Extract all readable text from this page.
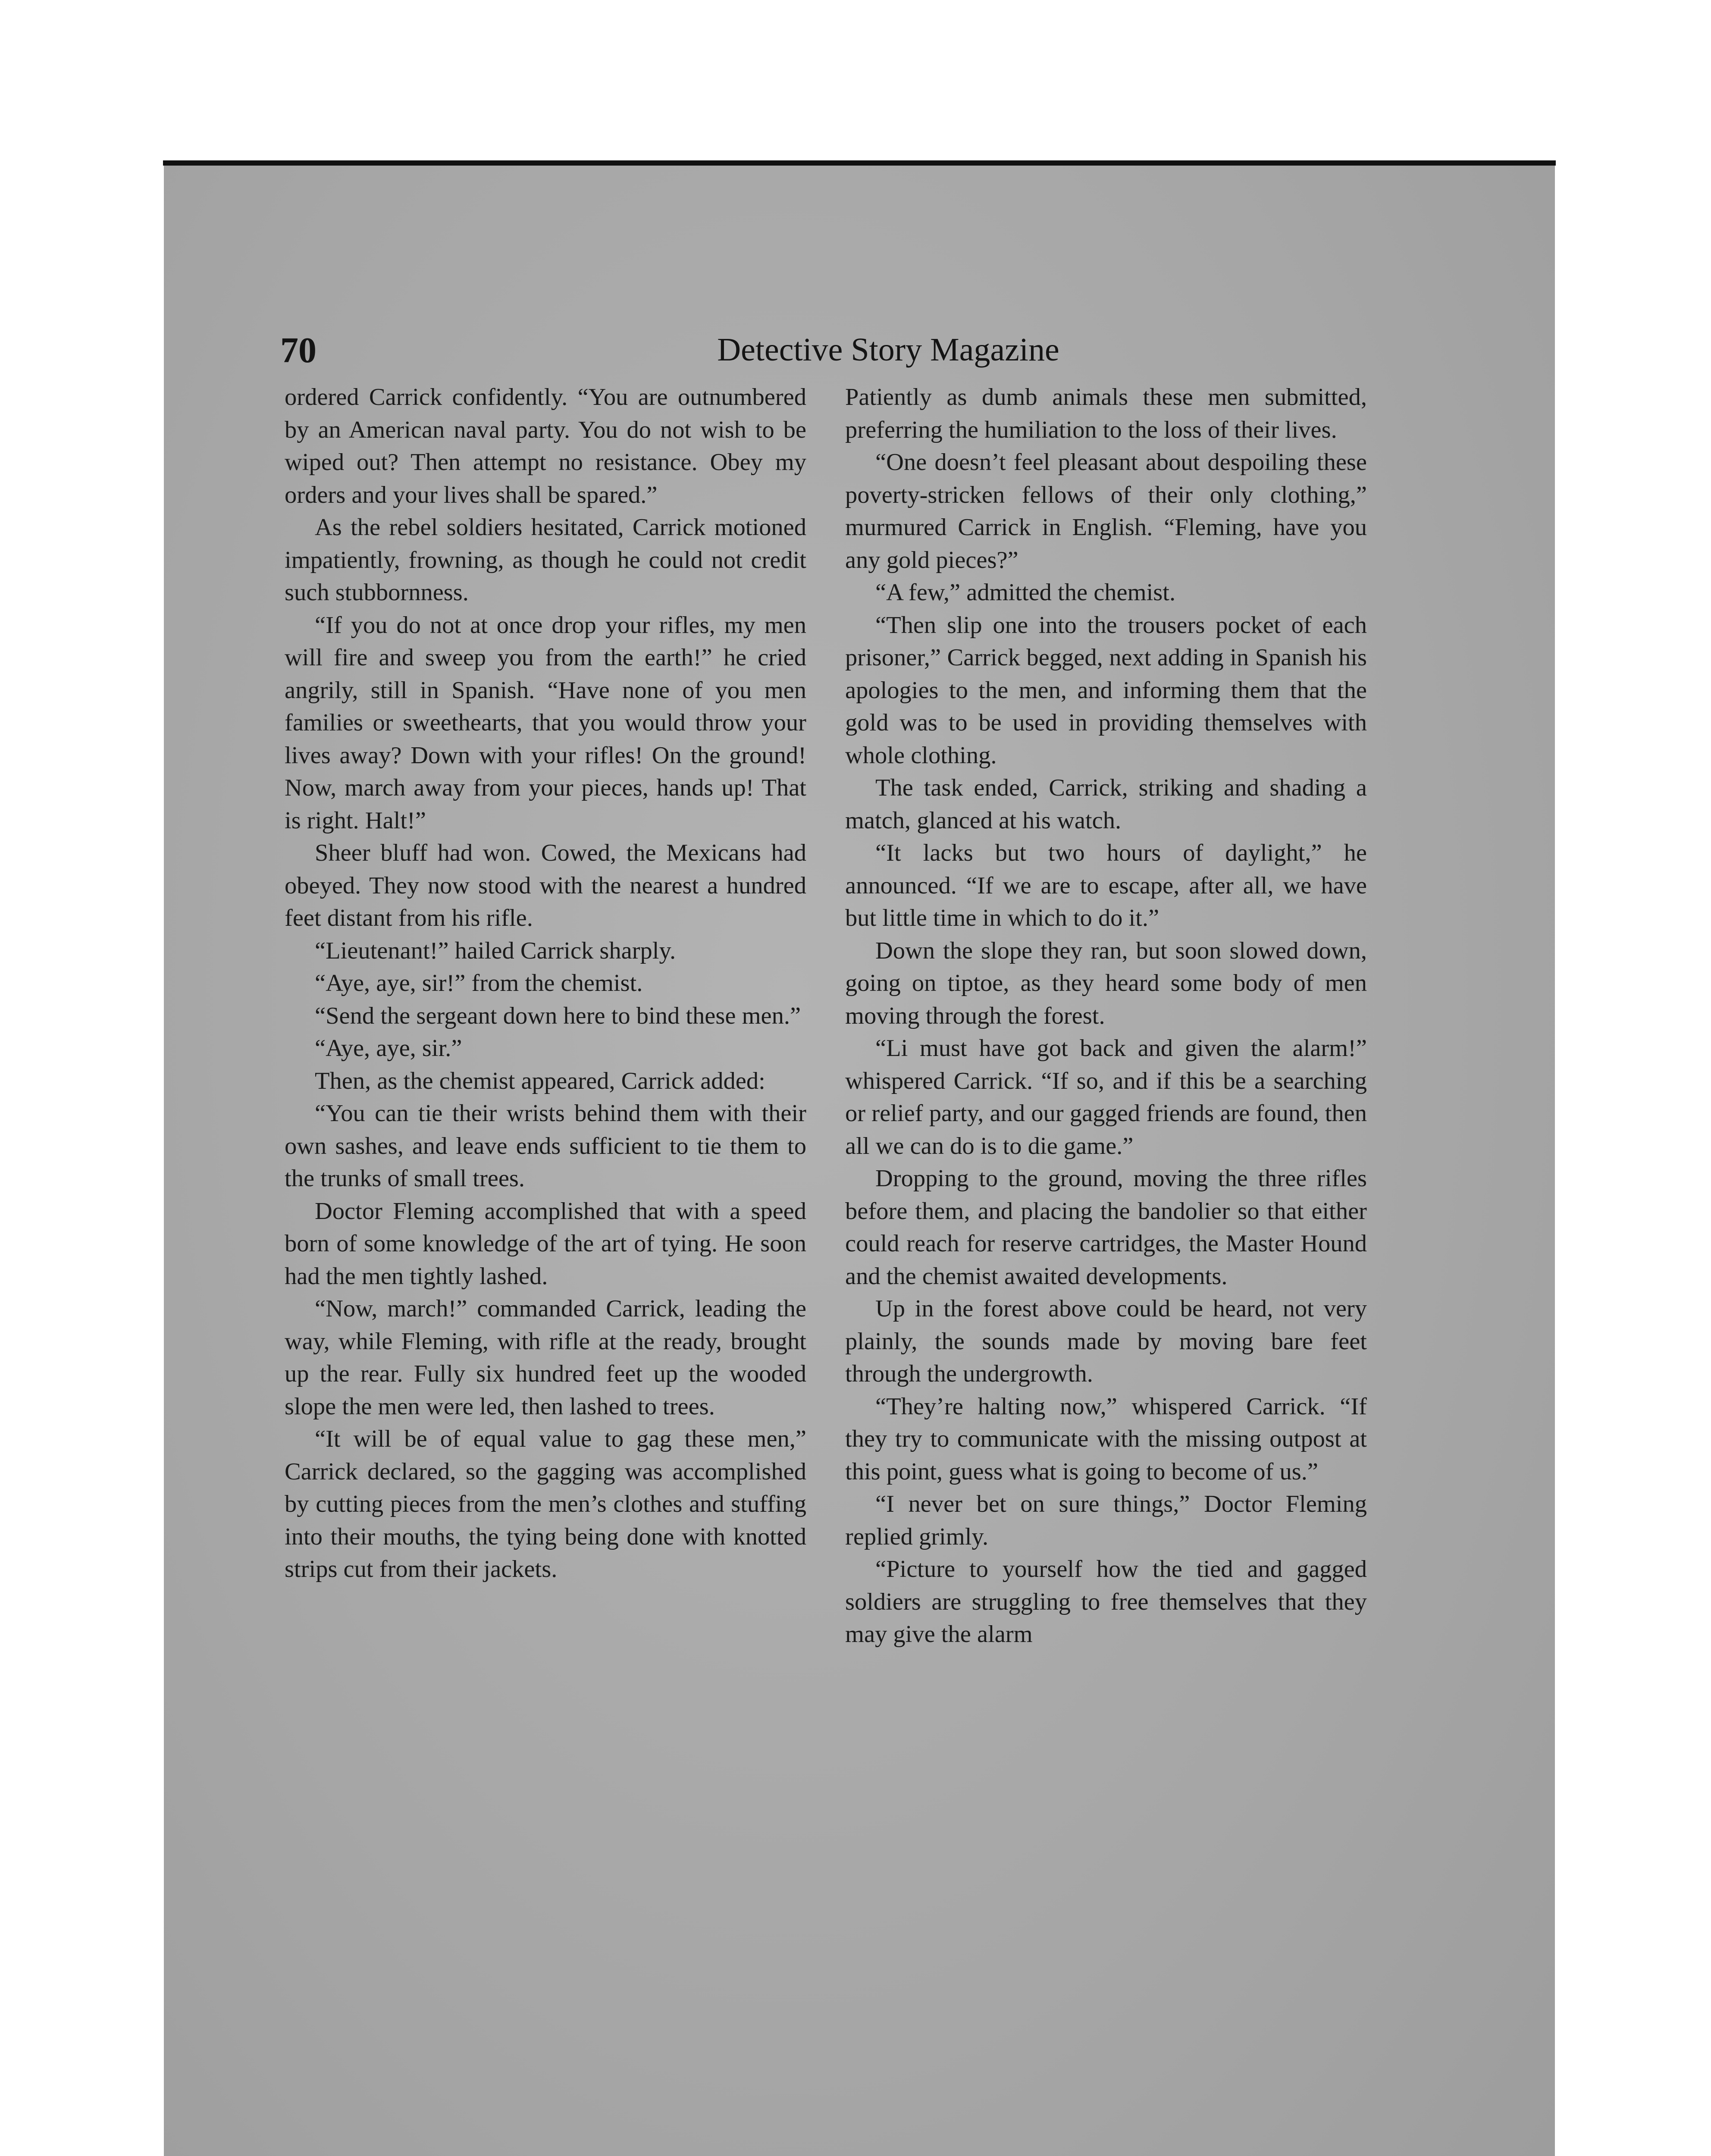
70	Detective Story Magazine

ordered Carrick confidently. “You are outnumbered by an American naval party. You do not wish to be wiped out? Then attempt no resistance. Obey my orders and your lives shall be spared.”

As the rebel soldiers hesitated, Carrick motioned impatiently, frowning, as though he could not credit such stubbornness.

“If you do not at once drop your rifles, my men will fire and sweep you from the earth!” he cried angrily, still in Spanish. “Have none of you men families or sweethearts, that you would throw your lives away? Down with your rifles! On the ground! Now, march away from your pieces, hands up! That is right. Halt!”

Sheer bluff had won. Cowed, the Mexicans had obeyed. They now stood with the nearest a hundred feet distant from his rifle.

“Lieutenant!” hailed Carrick sharply.

“Aye, aye, sir!” from the chemist.

“Send the sergeant down here to bind these men.”

“Aye, aye, sir.”

Then, as the chemist appeared, Carrick added:

“You can tie their wrists behind them with their own sashes, and leave ends sufficient to tie them to the trunks of small trees.

Doctor Fleming accomplished that with a speed born of some knowledge of the art of tying. He soon had the men tightly lashed.

“Now, march!” commanded Carrick, leading the way, while Fleming, with rifle at the ready, brought up the rear. Fully six hundred feet up the wooded slope the men were led, then lashed to trees.

“It will be of equal value to gag these men,” Carrick declared, so the gagging was accomplished by cutting pieces from the men’s clothes and stuffing into their mouths, the tying being done with knotted strips cut from their jackets.

Patiently as dumb animals these men submitted, preferring the humiliation to the loss of their lives.

“One doesn’t feel pleasant about despoiling these poverty-stricken fellows of their only clothing,” murmured Carrick in English. “Fleming, have you any gold pieces?”

“A few,” admitted the chemist.

“Then slip one into the trousers pocket of each prisoner,” Carrick begged, next adding in Spanish his apologies to the men, and informing them that the gold was to be used in providing themselves with whole clothing.

The task ended, Carrick, striking and shading a match, glanced at his watch.

“It lacks but two hours of daylight,” he announced. “If we are to escape, after all, we have but little time in which to do it.”

Down the slope they ran, but soon slowed down, going on tiptoe, as they heard some body of men moving through the forest.

“Li must have got back and given the alarm!” whispered Carrick. “If so, and if this be a searching or relief party, and our gagged friends are found, then all we can do is to die game.”

Dropping to the ground, moving the three rifles before them, and placing the bandolier so that either could reach for reserve cartridges, the Master Hound and the chemist awaited developments.

Up in the forest above could be heard, not very plainly, the sounds made by moving bare feet through the undergrowth.

“They’re halting now,” whispered Carrick. “If they try to communicate with the missing outpost at this point, guess what is going to become of us.”

“I never bet on sure things,” Doctor Fleming replied grimly.

“Picture to yourself how the tied and gagged soldiers are struggling to free themselves that they may give the alarm
